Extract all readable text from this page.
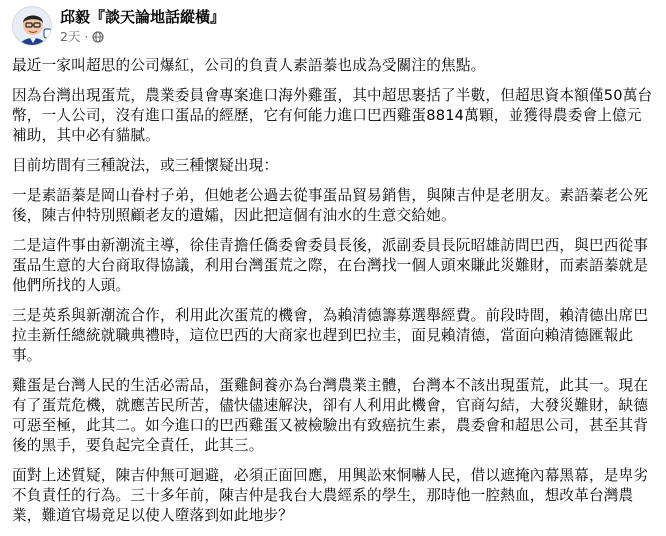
邱毅『談天論地話縱橫』
2天 ·

最近一家叫超思的公司爆紅，公司的負責人素語蓁也成為受關注的焦點。

因為台灣出現蛋荒，農業委員會專案進口海外雞蛋，其中超思裹括了半數，但超思資本額僅50萬台幣，一人公司，沒有進口蛋品的經歷，它有何能力進口巴西雞蛋8814萬顆，並獲得農委會上億元補助，其中必有貓膩。

目前坊間有三種說法，或三種懷疑出現：

一是素語蓁是岡山眷村子弟，但她老公過去從事蛋品貿易銷售，與陳吉仲是老朋友。素語蓁老公死後，陳吉仲特別照顧老友的遺孀，因此把這個有油水的生意交給她。

二是這件事由新潮流主導，徐佳青擔任僑委會委員長後，派副委員長阮昭雄訪問巴西，與巴西從事蛋品生意的大台商取得協議，利用台灣蛋荒之際，在台灣找一個人頭來賺此災難財，而素語蓁就是他們所找的人頭。

三是英系與新潮流合作，利用此次蛋荒的機會，為賴清德籌募選舉經費。前段時間，賴清德出席巴拉圭新任總統就職典禮時，這位巴西的大商家也趕到巴拉圭，面見賴清德，當面向賴清德匯報此事。

雞蛋是台灣人民的生活必需品，蛋雞飼養亦為台灣農業主體，台灣本不該出現蛋荒，此其一。現在有了蛋荒危機，就應苦民所苦，儘快儘速解決，卻有人利用此機會，官商勾結，大發災難財，缺德可惡至極，此其二。如今進口的巴西雞蛋又被檢驗出有致癌抗生素，農委會和超思公司，甚至其背後的黑手，要負起完全責任，此其三。

面對上述質疑，陳吉仲無可迴避，必須正面回應，用興訟來恫嚇人民，借以遮掩內幕黑幕，是卑劣不負責任的行為。三十多年前，陳吉仲是我台大農經系的學生，那時他一腔熱血，想改革台灣農業，難道官場竟足以使人墮落到如此地步？
